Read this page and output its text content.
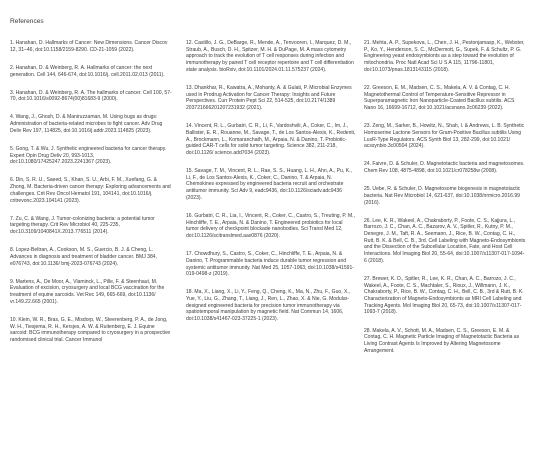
References

1. Hanahan, D. Hallmarks of Cancer: New Dimensions. Cancer Discov 12, 31–46, doi:10.1158/2159-8290. CD-21-1059 (2022).

2. Hanahan, D. & Weinberg, R. A. Hallmarks of cancer: the next generation. Cell 144, 646-674, doi:10.1016/j. cell.2011.02.013 (2011).

3. Hanahan, D. & Weinberg, R. A. The hallmarks of cancer. Cell 100, 57-70, doi:10.1016/s0092-8674(00)81683-9 (2000).

4. Wang, J., Ghosh, D. & Maniruzzaman, M. Using bugs as drugs: Administration of bacteria-related microbes to fight cancer. Adv Drug Deliv Rev 197, 114825, doi:10.1016/j.addr.2023.114825 (2023).

5. Gong, T. & Wu, J. Synthetic engineered bacteria for cancer therapy. Expert Opin Drug Deliv 20, 993-1013, doi:10.1080/17425247.2023.2241367 (2023).

6. Din, S. R. U., Saeed, S., Khan, S. U., Arbi, F. M., Xuefang, G. & Zhong, M. Bacteria-driven cancer therapy: Exploring advancements and challenges. Crit Rev Oncol Hematol 191, 104141, doi:10.1016/j. critrevonc.2023.104141 (2023).

7. Zu, C. & Wang, J. Tumor-colonizing bacteria: a potential tumor targeting therapy. Crit Rev Microbiol 40, 225-235, doi:10.3109/1040841X.2013.776511 (2014).

8. Lopez-Beltran, A., Cookson, M. S., Guercio, B. J. & Cheng, L. Advances in diagnosis and treatment of bladder cancer. BMJ 384, e076743, doi:10.1136/ bmj-2023-076743 (2024).

9. Martens, A., De Moor, A., Vlaminck, L., Pille, F. & Steenhaut, M. Evaluation of excision, cryosurgery and local BCG vaccination for the treatment of equine sarcoids. Vet Rec 149, 665-669, doi:10.1136/ vr.149.22.665 (2001).

10. Klein, W. R., Bras, G. E., Misdorp, W., Steerenberg, P. A., de Jong, W. H., Tiesjema, R. H., Kersjes, A. W. & Ruitenberg, E. J. Equine sarcoid: BCG immunotherapy compared to cryosurgery in a prospective randomised clinical trial. Cancer Immunol

12. Castillo, J. G., DeBarge, R., Mende, A., Tenvooren, I., Marquez, D. M., Straub, A., Busch, D. H., Spitzer, M. H. & DuPage, M. A mass cytometry approach to track the evolution of T cell responses during infection and immunotherapy by paired T cell receptor repertoire and T cell differentiation state analysis. bioRxiv, doi:10.1101/2024.01.11.575237 (2024).

13. Dhankhar, R., Kawatra, A., Mohanty, A. & Gulati, P. Microbial Enzymes used in Prodrug Activation for Cancer Therapy: Insights and Future Perspectives. Curr Protein Pept Sci 22, 514-525, doi:10.2174/1389 203721666201207231932 (2021).

14. Vincent, R. L., Gurbatri, C. R., Li, F., Vardoshvili, A., Coker, C., Im, J., Ballister, E. R., Rouanne, M., Savage, T., de Los Santos-Alexis, K., Redenti, A., Brockmann, L., Komaranchath, M., Arpaia, N. & Danino, T. Probiotic-guided CAR-T cells for solid tumor targeting. Science 382, 211-218, doi:10.1126/ science.add7034 (2023).

15. Savage, T. M., Vincent, R. L., Rae, S. S., Huang, L. H., Ahn, A., Pu, K., Li, F., de Los Santos-Alexis, K., Coker, C., Danino, T. & Arpaia, N. Chemokines expressed by engineered bacteria recruit and orchestrate antitumor immunity. Sci Adv 9, eadc9436, doi:10.1126/sciadv.adc9436 (2023).

16. Gurbatri, C. R., Lia, I., Vincent, R., Coker, C., Castro, S., Treuting, P. M., Hinchliffe, T. E., Arpaia, N. & Danino, T. Engineered probiotics for local tumor delivery of checkpoint blockade nanobodies. Sci Transl Med 12, doi:10.1126/scitranslmed.aax0876 (2020).

17. Chowdhury, S., Castro, S., Coker, C., Hinchliffe, T. E., Arpaia, N. & Danino, T. Programmable bacteria induce durable tumor regression and systemic antitumor immunity. Nat Med 25, 1057-1063, doi:10.1038/s41591-019-0498-z (2019).

18. Ma, X., Liang, X., Li, Y., Feng, Q., Cheng, K., Ma, N., Zhu, F., Guo, X., Yue, Y., Liu, G., Zhang, T., Liang, J., Ren, L., Zhao, X. & Nie, G. Modular-designed engineered bacteria for precision tumor immunotherapy via spatiotemporal manipulation by magnetic field. Nat Commun 14, 1606, doi:10.1038/s41467-023-37225-1 (2023).

21. Mehta, A. P., Supekova, L., Chen, J. H., Pestonjamasp, K., Webster, P., Ko, Y., Henderson, S. C., McDermott, G., Supek, F. & Schultz, P. G. Engineering yeast endosymbionts as a step toward the evolution of mitochondria. Proc Natl Acad Sci U S A 115, 11796-11801, doi:10.1073/pnas.1813143115 (2018).

22. Greeson, E. M., Madsen, C. S., Makela, A. V. & Contag, C. H. Magnetothermal Control of Temperature-Sensitive Repressor in Superparamagnetic Iron Nanoparticle-Coated Bacillus subtilis. ACS Nano 16, 16699-16712, doi:10.1021/acsnano.2c06239 (2022).

23. Zeng, M., Sarker, B., Howitz, N., Shah, I. & Andrews, L. B. Synthetic Homoserine Lactone Sensors for Gram-Positive Bacillus subtilis Using LuxR-Type Regulators. ACS Synth Biol 13, 282-299, doi:10.1021/ acssynbio.3c00504 (2024).

24. Faivre, D. & Schuler, D. Magnetotactic bacteria and magnetosomes. Chem Rev 108, 4875-4898, doi:10.1021/cr078258w (2008).

25. Uebe, R. & Schuler, D. Magnetosome biogenesis in magnetotactic bacteria. Nat Rev Microbiol 14, 621-637, doi:10.1038/nrmicro.2016.99 (2016).

26. Lee, K. R., Wakeel, A., Chakraborty, P., Foote, C. S., Kajjura, L., Barrozo, J. C., Chan, A. C., Bazarov, A. V., Spitler, R., Kutny, P. M., Denegre, J. M., Taft, R. A., Seemann, J., Rice, B. W., Contag, C. H., Rutt, B. K. & Bell, C. B., 3rd. Cell Labeling with Magneto-Endosymbionts and the Dissection of the Subcellular Location, Fate, and Host Cell Interactions. Mol Imaging Biol 20, 55-64, doi:10.1007/s11307-017-1094-6 (2018).

27. Brewer, K. D., Spitler, R., Lee, K. R., Chan, A. C., Barrozo, J. C., Wakeel, A., Foote, C. S., Machtaler, S., Rioux, J., Willmann, J. K., Chakraborty, P., Rice, B. W., Contag, C. H., Bell, C. B., 3rd & Rutt, B. K. Characterization of Magneto-Endosymbionts as MRI Cell Labeling and Tracking Agents. Mol Imaging Biol 20, 65-73, doi:10.1007/s11307-017-1093-7 (2018).

28. Makela, A. V., Schott, M. A., Madsen, C. S., Greeson, E. M. & Contag, C. H. Magnetic Particle Imaging of Magnetotactic Bacteria as Living Contrast Agents Is Improved by Altering Magnetosome Arrangement.
